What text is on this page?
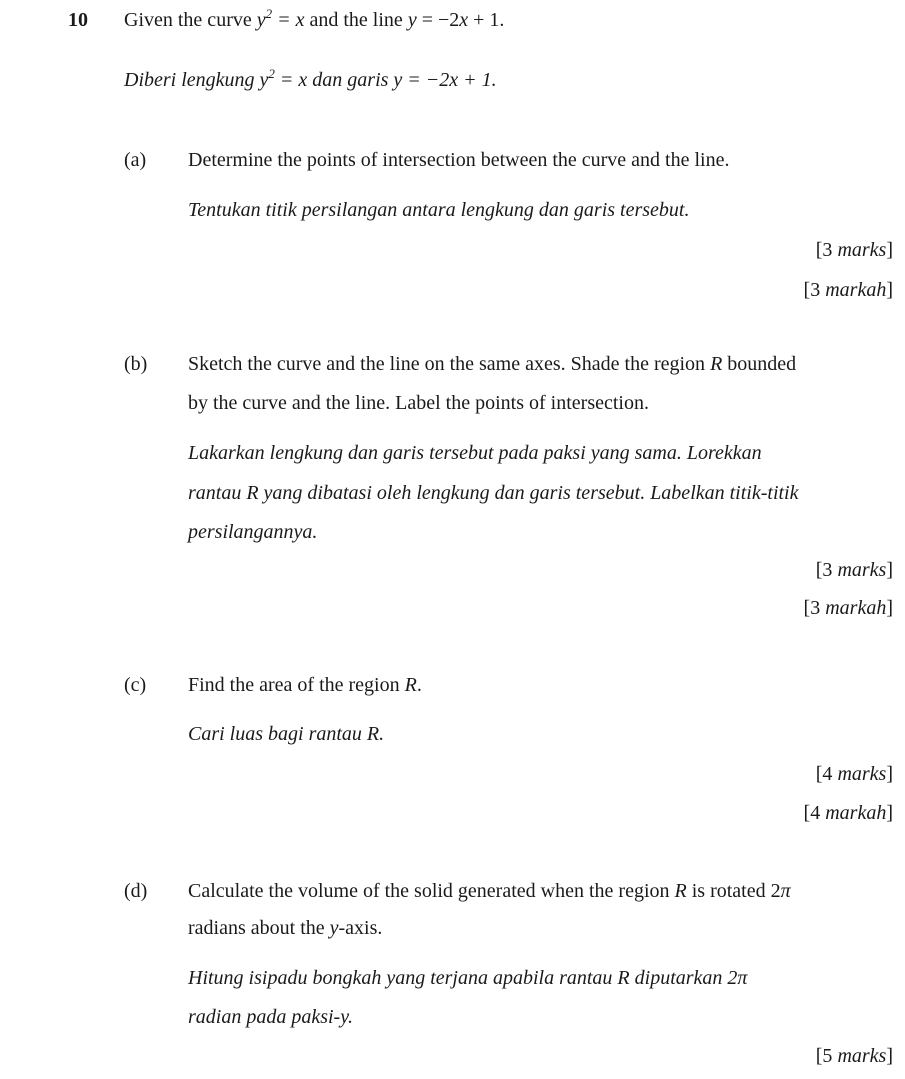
10 Given the curve $y^2 = x$ and the line y = −2x + 1.
Diberi lengkung $y^2 = x$ dan garis y = −2x + 1.
(a) Determine the points of intersection between the curve and the line.
Tentukan titik persilangan antara lengkung dan garis tersebut.
[3 marks]
[3 markah]
(b) Sketch the curve and the line on the same axes. Shade the region R bounded
by the curve and the line. Label the points of intersection.
Lakarkan lengkung dan garis tersebut pada paksi yang sama. Lorekkan
rantau R yang dibatasi oleh lengkung dan garis tersebut. Labelkan titik-titik
persilangannya.
[3 marks]
[3 markah]
(c) Find the area of the region R.
Cari luas bagi rantau R.
[4 marks]
[4 markah]
(d) Calculate the volume of the solid generated when the region R is rotated 2π
radians about the y-axis.
Hitung isipadu bongkah yang terjana apabila rantau R diputarkan 2π
radian pada paksi-y.
[5 marks]
